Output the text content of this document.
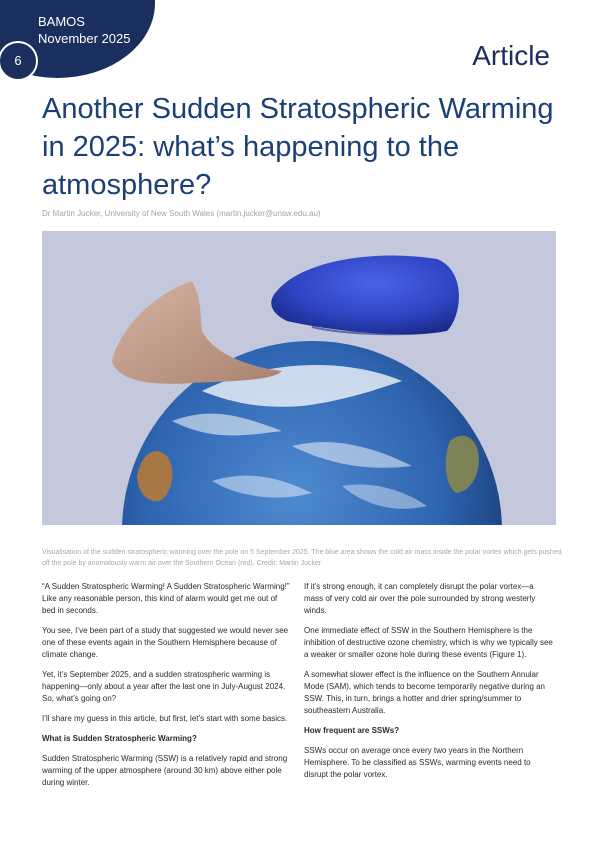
BAMOS
November 2025
6	Article
Another Sudden Stratospheric Warming in 2025: what’s happening to the atmosphere?
Dr Martin Jucker, University of New South Wales (martin.jucker@unsw.edu.au)
Visualisation of the sudden stratospheric warming over the pole on 5 September 2025. The blue area shows the cold air mass inside the polar vortex which gets pushed off the pole by anomalously warm air over the Southern Ocean (red). Credit: Martin Jucker

“A Sudden Stratospheric Warming! A Sudden Stratospheric Warming!” Like any reasonable person, this kind of alarm would get me out of bed in seconds.

You see, I’ve been part of a study that suggested we would never see one of these events again in the Southern Hemisphere because of climate change.

Yet, it’s September 2025, and a sudden stratospheric warming is happening—only about a year after the last one in July-August 2024. So, what’s going on?

I’ll share my guess in this article, but first, let’s start with some basics.

What is Sudden Stratospheric Warming?

Sudden Stratospheric Warming (SSW) is a relatively rapid and strong warming of the upper atmosphere (around 30 km) above either pole during winter.

If it’s strong enough, it can completely disrupt the polar vortex—a mass of very cold air over the pole surrounded by strong westerly winds.

One immediate effect of SSW in the Southern Hemisphere is the inhibition of destructive ozone chemistry, which is why we typically see a weaker or smaller ozone hole during these events (Figure 1).

A somewhat slower effect is the influence on the Southern Annular Mode (SAM), which tends to become temporarily negative during an SSW. This, in turn, brings a hotter and drier spring/summer to southeastern Australia.

How frequent are SSWs?

SSWs occur on average once every two years in the Northern Hemisphere. To be classified as SSWs, warming events need to disrupt the polar vortex.
